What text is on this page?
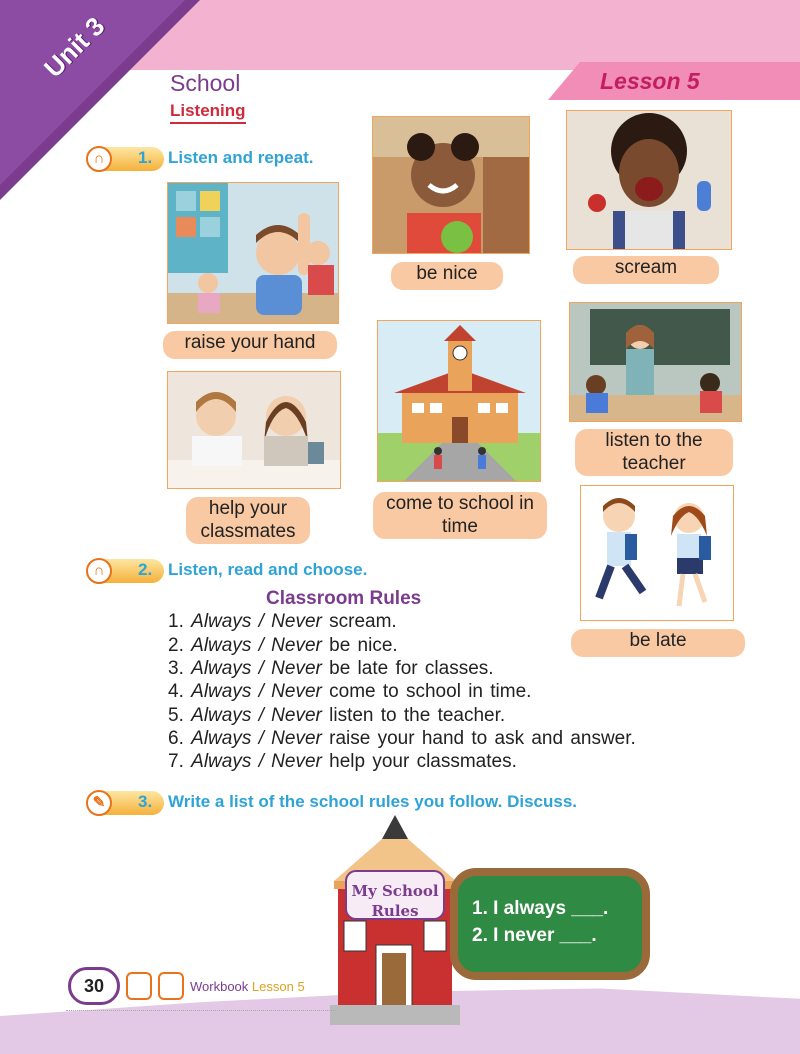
Unit 3	School
Listening
Lesson 5
∩	1. Listen and repeat.
raise your hand
be nice	scream
help your classmates
come to school in time
listen to the teacher
be late
∩	2. Listen, read and choose.
Classroom Rules
1. Always / Never scream.
2. Always / Never be nice.
3. Always / Never be late for classes.
4. Always / Never come to school in time.
5. Always / Never listen to the teacher.
6. Always / Never raise your hand to ask and answer.
7. Always / Never help your classmates.
✎	3. Write a list of the school rules you follow. Discuss.
My School
Rules	1. I always ___.
2. I never ___.
30	Workbook Lesson 5
